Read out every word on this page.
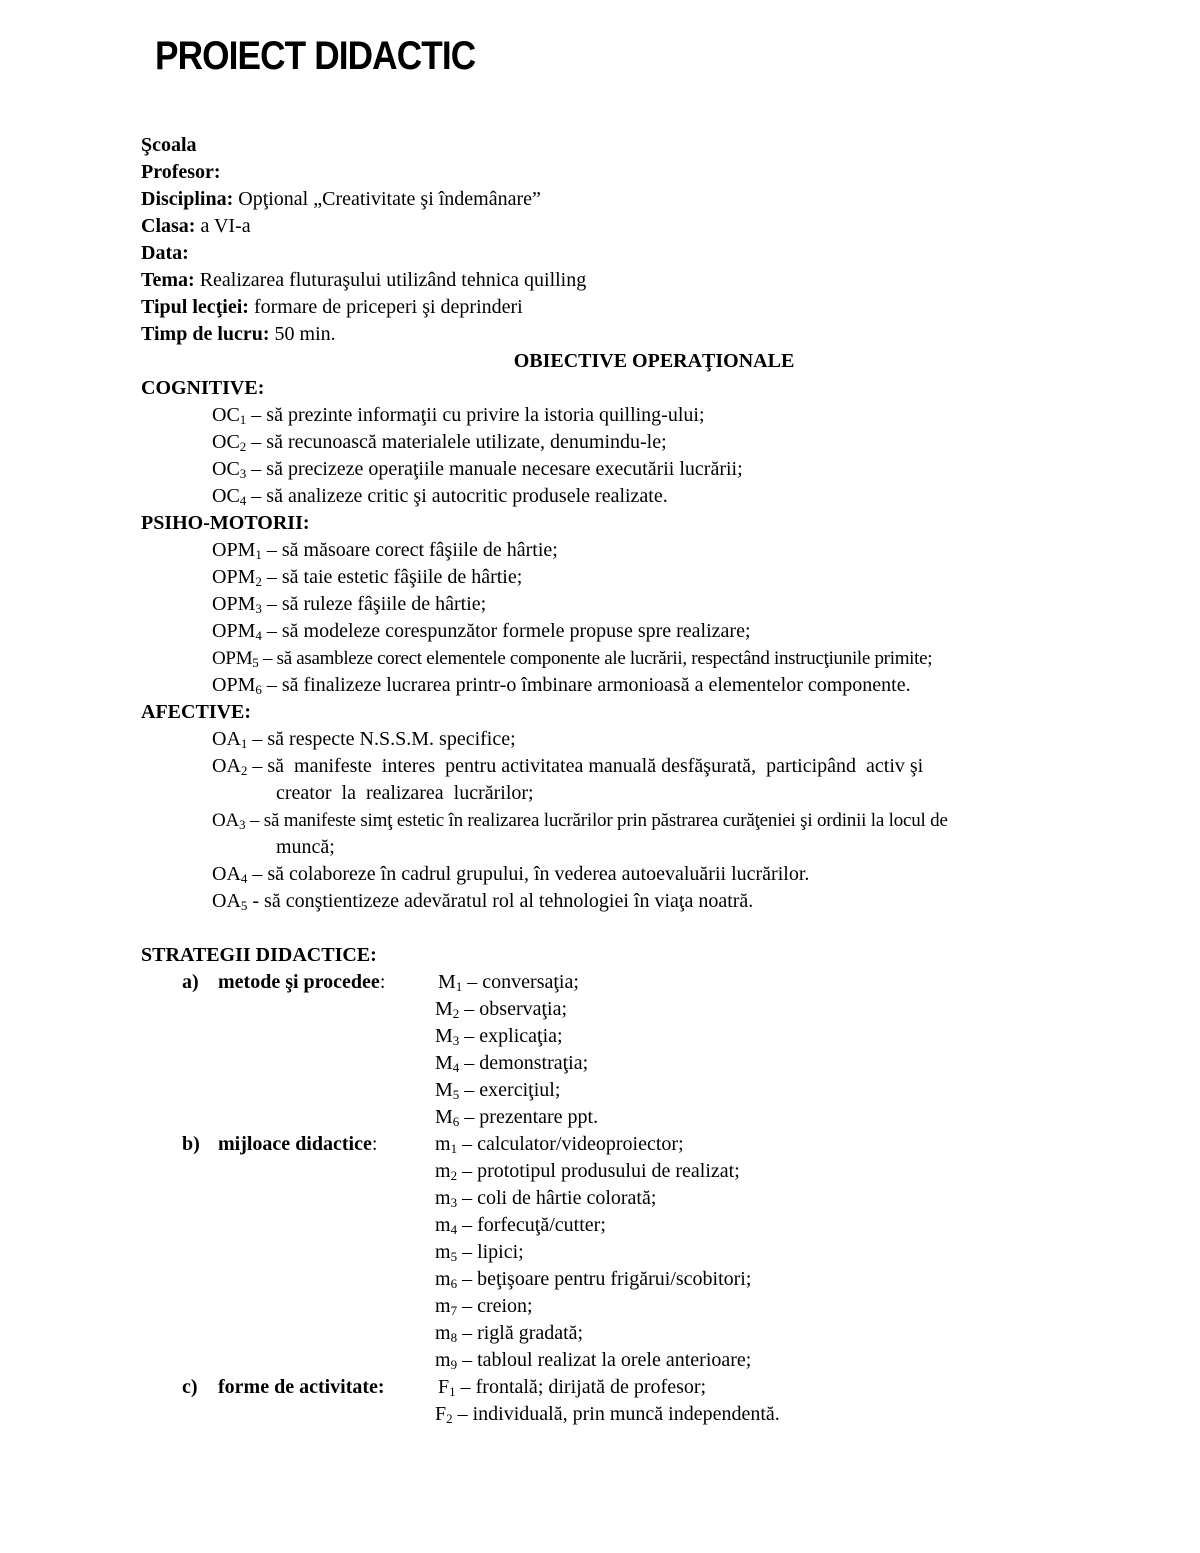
PROIECT DIDACTIC
Şcoala
Profesor:
Disciplina: Opţional „Creativitate şi îndemânare”
Clasa: a VI-a
Data:
Tema: Realizarea fluturaşului utilizând tehnica quilling
Tipul lecţiei: formare de priceperi şi deprinderi
Timp de lucru: 50 min.
OBIECTIVE OPERAŢIONALE
COGNITIVE:
$OC_1$ – să prezinte informaţii cu privire la istoria quilling-ului;
$OC_2$ – să recunoască materialele utilizate, denumindu-le;
$OC_3$ – să precizeze operaţiile manuale necesare executării lucrării;
$OC_4$ – să analizeze critic şi autocritic produsele realizate.
PSIHO-MOTORII:
$OPM_1$ – să măsoare corect fâşiile de hârtie;
$OPM_2$ – să taie estetic fâşiile de hârtie;
$OPM_3$ – să ruleze fâşiile de hârtie;
$OPM_4$ – să modeleze corespunzător formele propuse spre realizare;
$OPM_5$ – să asambleze corect elementele componente ale lucrării, respectând instrucţiunile primite;
$OPM_6$ – să finalizeze lucrarea printr-o îmbinare armonioasă a elementelor componente.
AFECTIVE:
$OA_1$ – să respecte N.S.S.M. specifice;
$OA_2$ – să  manifeste  interes  pentru activitatea manuală desfăşurată,  participând  activ şi
creator  la  realizarea  lucrărilor;
$OA_3$ – să manifeste simţ estetic în realizarea lucrărilor prin păstrarea curăţeniei şi ordinii la locul de
muncă;
$OA_4$ – să colaboreze în cadrul grupului, în vederea autoevaluării lucrărilor.
$OA_5$ - să conştientizeze adevăratul rol al tehnologiei în viaţa noatră.
STRATEGII DIDACTICE:
a) metode şi procedee:	$M_1$ – conversaţia;
$M_2$ – observaţia;
$M_3$ – explicaţia;
$M_4$ – demonstraţia;
$M_5$ – exerciţiul;
$M_6$ – prezentare ppt.
b) mijloace didactice:	$m_1$ – calculator/videoproiector;
$m_2$ – prototipul produsului de realizat;
$m_3$ – coli de hârtie colorată;
$m_4$ – forfecuţă/cutter;
$m_5$ – lipici;
$m_6$ – beţişoare pentru frigărui/scobitori;
$m_7$ – creion;
$m_8$ – riglă gradată;
$m_9$ – tabloul realizat la orele anterioare;
c) forme de activitate:	$F_1$ – frontală; dirijată de profesor;
$F_2$ – individuală, prin muncă independentă.
